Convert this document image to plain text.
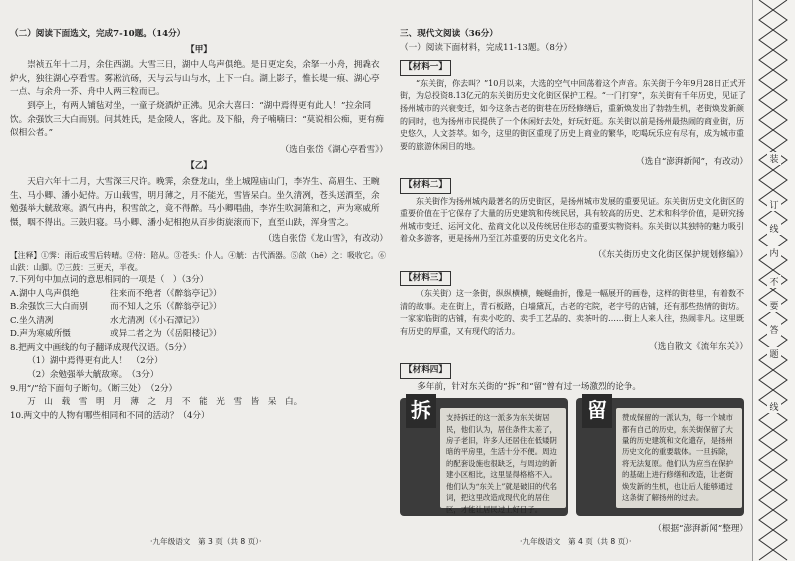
（二）阅读下面选文，完成7-10题。（14分）

【甲】

崇祯五年十二月，余住西湖。大雪三日，湖中人鸟声俱绝。是日更定矣，余拏一小舟，拥毳衣炉火，独往湖心亭看雪。雾凇沆砀，天与云与山与水，上下一白。湖上影子，惟长堤一痕、湖心亭一点、与余舟一芥、舟中人两三粒而已。

到亭上，有两人铺毡对坐，一童子烧酒炉正沸。见余大喜曰：“湖中焉得更有此人！”拉余同饮。余强饮三大白而别。问其姓氏，是金陵人，客此。及下船，舟子喃喃曰：“莫说相公痴，更有痴似相公者。”

（选自张岱《湖心亭看雪》）

【乙】

天启六年十二月，大雪深三尺许。晚霁，余登龙山，坐上城隍庙山门，李岕生、高眉生、王畹生、马小卿、潘小妃侍。万山载雪，明月薄之，月不能光，雪皆呆白。坐久清冽，苍头送酒至，余勉强举大觥敌寒。酒气冉冉，积雪欱之，竟不得醉。马小卿唱曲，李岕生吹洞箫和之，声为寒威所慑，咽不得出。三鼓归寝。马小卿、潘小妃相抱从百步街旋滚而下，直至山趺，浑身雪之。

（选自张岱《龙山雪》，有改动）

【注释】①霁：雨后或雪后转晴。②侍：陪从。③苍头：仆人。④觥：古代酒器。⑤欱（hē）之：吸收它。⑥山趺：山脚。⑦三鼓：三更天，半夜。

7.下列句中加点词的意思相同的一项是（　）（3分）

A.湖中人鸟声俱绝	往来而不绝者（《醉翁亭记》）
B.余强饮三大白而别	而不知人之乐（《醉翁亭记》）
C.坐久清冽	水尤清冽（《小石潭记》）
D.声为寒威所慑	或异二者之为（《岳阳楼记》）

8.把两文中画线的句子翻译成现代汉语。（5分）

（1）湖中焉得更有此人！　（2分）

（2）余勉强举大觥敌寒。　（3分）

9.用“/”给下面句子断句。（断三处）　（2分）

万　山　载　雪　明　月　薄　之　月　不　能　光　雪　皆　呆　白。

10.两文中的人物有哪些相同和不同的活动？（4分）

·九年级语文　第 3 页（共 8 页）·

三、现代文阅读（36分）

（一）阅读下面材料，完成11-13题。（8分）

【材料一】

“东关街，你去叫？”10月以来，大选的空气中回荡着这个声音。东关街于今年9月28日正式开街，为总投资8.13亿元的东关街历史文化街区保护工程。“一门打穿”，东关街有千年历史，见证了扬州城市的兴衰变迁，如今这条古老的街巷在历经修缮后，重新焕发出了勃勃生机，老街焕发新颜的同时，也为扬州市民提供了一个休闲好去处，好玩好逛。东关街以前是扬州最热闹的商业街，历史悠久，人文荟萃。如今，这里的街区重现了历史上商业的繁华，吃喝玩乐应有尽有，成为城市重要的旅游休闲目的地。

（选自“澎湃新闻”，有改动）

【材料二】

东关街作为扬州城内最著名的历史街区，是扬州城市发展的重要见证。东关街历史文化街区的重要价值在于它保存了大量的历史建筑和传统民居，具有较高的历史、艺术和科学价值，是研究扬州城市变迁、运河文化、盐商文化以及传统居住形态的重要实物资料。东关街以其独特的魅力吸引着众多游客，更是扬州乃至江苏重要的历史文化名片。

（《东关街历史文化街区保护规划修编》）

【材料三】

（东关街）这一条街，纵纵横横，蜿蜒曲折，像是一幅展开的画卷，这样的街巷里，有着数不清的故事。走在街上，青石板路，白墙黛瓦，古老的宅院，老字号的店铺，还有那些热情的街坊。一家家临街的店铺，有卖小吃的、卖手工艺品的、卖茶叶的……街上人来人往，热闹非凡。这里既有历史的厚重，又有现代的活力。

（选自散文《流年东关》）

【材料四】

多年前，针对东关街的“拆”和“留”曾有过一场激烈的论争。

拆	支持拆迁的这一派多为东关街居民，他们认为，居住条件太差了，房子老旧，许多人还居住在低矮阴暗的平房里，生活十分不便。周边的配套设施也很缺乏，与周边的新建小区相比，这里显得格格不入。他们认为“东关上”就是破旧的代名词，把这里改造成现代化的居住区，才能让居民过上好日子。
留	赞成保留的一派认为，每一个城市都有自己的历史，东关街保留了大量的历史建筑和文化遗存，是扬州历史文化的重要载体。一旦拆除，将无法复原。他们认为应当在保护的基础上进行修缮和改造，让老街焕发新的生机，也让后人能够通过这条街了解扬州的过去。

（根据“澎湃新闻”整理）

·九年级语文　第 4 页（共 8 页）·
装
订
线
内
不
要
答
题
线
